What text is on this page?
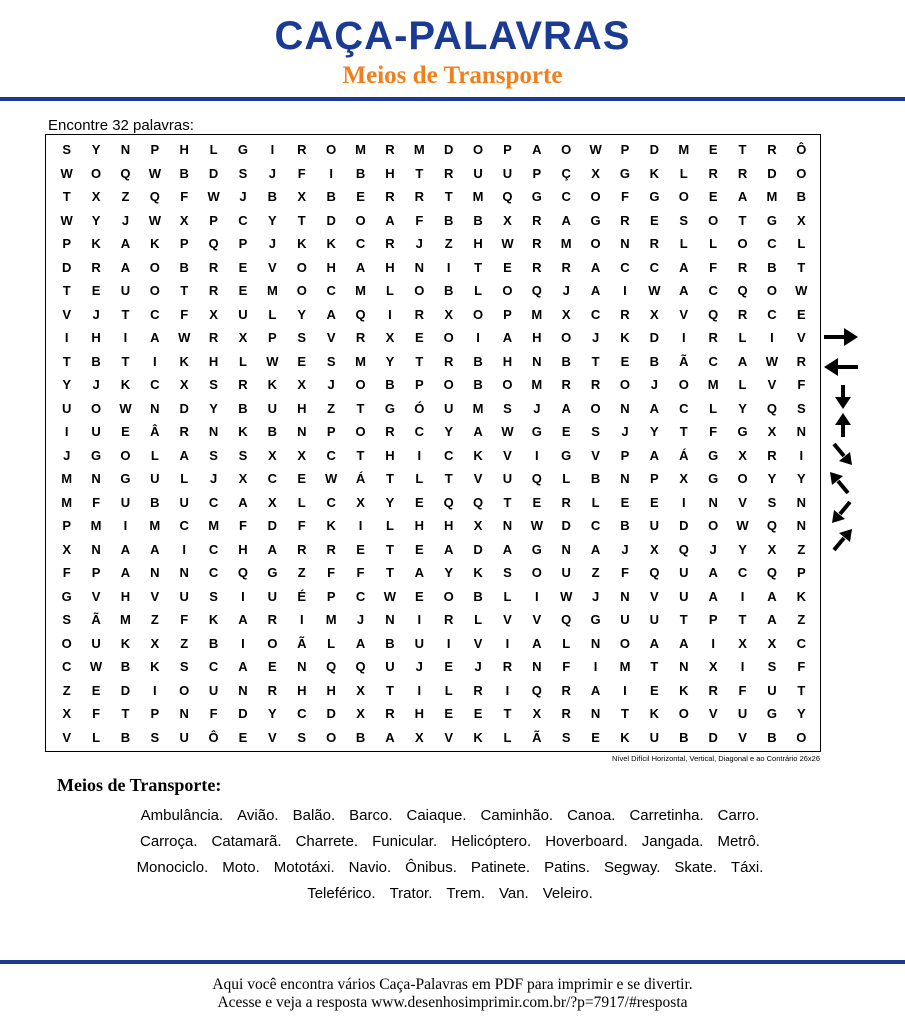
CAÇA-PALAVRAS
Meios de Transporte
Encontre 32 palavras:
S	Y	N	P	H	L	G	I	R	O	M	R	M	D	O	P	A	O	W	P	D	M	E	T	R	Ô
W	O	Q	W	B	D	S	J	F	I	B	H	T	R	U	U	P	Ç	X	G	K	L	R	R	D	O
T	X	Z	Q	F	W	J	B	X	B	E	R	R	T	M	Q	G	C	O	F	G	O	E	A	M	B
W	Y	J	W	X	P	C	Y	T	D	O	A	F	B	B	X	R	A	G	R	E	S	O	T	G	X
P	K	A	K	P	Q	P	J	K	K	C	R	J	Z	H	W	R	M	O	N	R	L	L	O	C	L
D	R	A	O	B	R	E	V	O	H	A	H	N	I	T	E	R	R	A	C	C	A	F	R	B	T
T	E	U	O	T	R	E	M	O	C	M	L	O	B	L	O	Q	J	A	I	W	A	C	Q	O	W
V	J	T	C	F	X	U	L	Y	A	Q	I	R	X	O	P	M	X	C	R	X	V	Q	R	C	E
I	H	I	A	W	R	X	P	S	V	R	X	E	O	I	A	H	O	J	K	D	I	R	L	I	V
T	B	T	I	K	H	L	W	E	S	M	Y	T	R	B	H	N	B	T	E	B	Ã	C	A	W	R
Y	J	K	C	X	S	R	K	X	J	O	B	P	O	B	O	M	R	R	O	J	O	M	L	V	F
U	O	W	N	D	Y	B	U	H	Z	T	G	Ó	U	M	S	J	A	O	N	A	C	L	Y	Q	S
I	U	E	Â	R	N	K	B	N	P	O	R	C	Y	A	W	G	E	S	J	Y	T	F	G	X	N
J	G	O	L	A	S	S	X	X	C	T	H	I	C	K	V	I	G	V	P	A	Á	G	X	R	I
M	N	G	U	L	J	X	C	E	W	Á	T	L	T	V	U	Q	L	B	N	P	X	G	O	Y	Y
M	F	U	B	U	C	A	X	L	C	X	Y	E	Q	Q	T	E	R	L	E	E	I	N	V	S	N
P	M	I	M	C	M	F	D	F	K	I	L	H	H	X	N	W	D	C	B	U	D	O	W	Q	N
X	N	A	A	I	C	H	A	R	R	E	T	E	A	D	A	G	N	A	J	X	Q	J	Y	X	Z
F	P	A	N	N	C	Q	G	Z	F	F	T	A	Y	K	S	O	U	Z	F	Q	U	A	C	Q	P
G	V	H	V	U	S	I	U	É	P	C	W	E	O	B	L	I	W	J	N	V	U	A	I	A	K
S	Ã	M	Z	F	K	A	R	I	M	J	N	I	R	L	V	V	Q	G	U	U	T	P	T	A	Z
O	U	K	X	Z	B	I	O	Ã	L	A	B	U	I	V	I	A	L	N	O	A	A	I	X	X	C
C	W	B	K	S	C	A	E	N	Q	Q	U	J	E	J	R	N	F	I	M	T	N	X	I	S	F
Z	E	D	I	O	U	N	R	H	H	X	T	I	L	R	I	Q	R	A	I	E	K	R	F	U	T
X	F	T	P	N	F	D	Y	C	D	X	R	H	E	E	T	X	R	N	T	K	O	V	U	G	Y
V	L	B	S	U	Ô	E	V	S	O	B	A	X	V	K	L	Ã	S	E	K	U	B	D	V	B	O
Nível Difícil Horizontal, Vertical, Diagonal e ao Contrário 26x26
Meios de Transporte:
Ambulância. Avião. Balão. Barco. Caiaque. Caminhão. Canoa. Carretinha. Carro.
Carroça. Catamarã. Charrete. Funicular. Helicóptero. Hoverboard. Jangada. Metrô.
Monociclo. Moto. Mototáxi. Navio. Ônibus. Patinete. Patins. Segway. Skate. Táxi.
Teleférico. Trator. Trem. Van. Veleiro.
Aqui você encontra vários Caça-Palavras em PDF para imprimir e se divertir.
Acesse e veja a resposta www.desenhosimprimir.com.br/?p=7917/#resposta
